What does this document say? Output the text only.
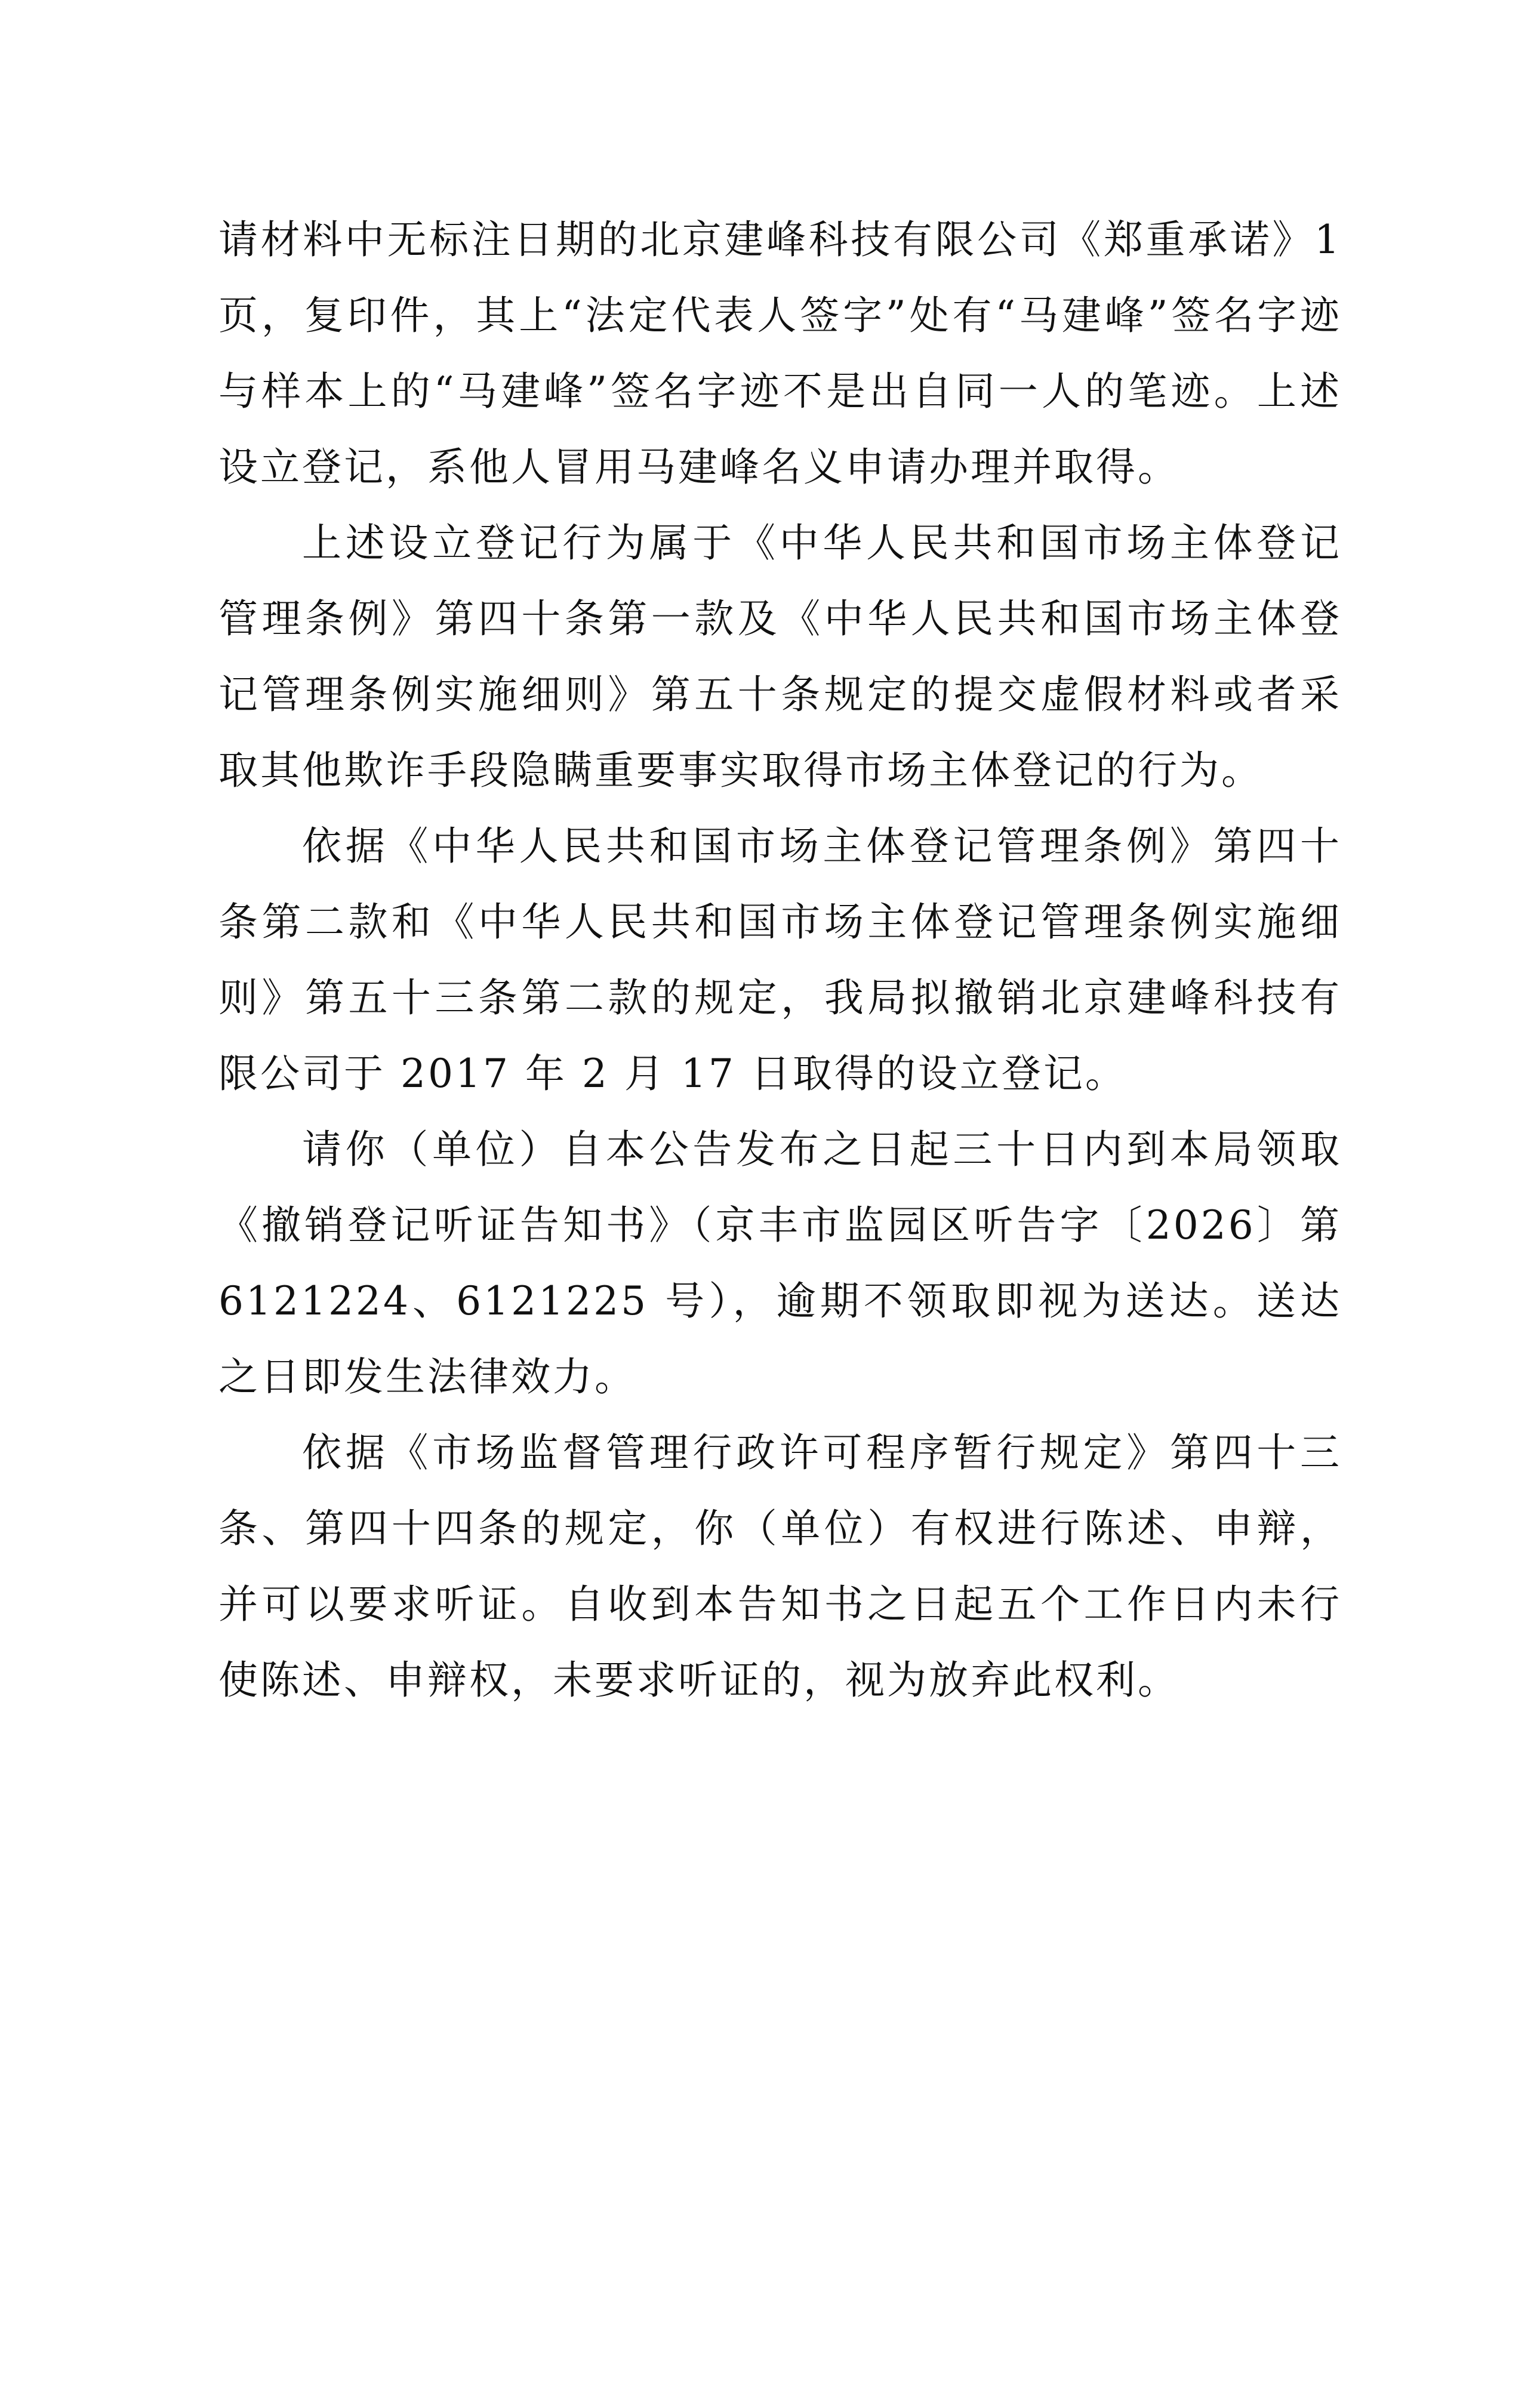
请材料中无标注日期的北京建峰科技有限公司《郑重承诺》1页，复印件，其上“法定代表人签字”处有“马建峰”签名字迹与样本上的“马建峰”签名字迹不是出自同一人的笔迹。上述设立登记，系他人冒用马建峰名义申请办理并取得。

上述设立登记行为属于《中华人民共和国市场主体登记管理条例》第四十条第一款及《中华人民共和国市场主体登记管理条例实施细则》第五十条规定的提交虚假材料或者采取其他欺诈手段隐瞒重要事实取得市场主体登记的行为。

依据《中华人民共和国市场主体登记管理条例》第四十条第二款和《中华人民共和国市场主体登记管理条例实施细则》第五十三条第二款的规定，我局拟撤销北京建峰科技有限公司于 2017 年 2 月 17 日取得的设立登记。

请你（单位）自本公告发布之日起三十日内到本局领取《撤销登记听证告知书》（京丰市监园区听告字〔2026〕第 6121224、6121225 号），逾期不领取即视为送达。送达之日即发生法律效力。

依据《市场监督管理行政许可程序暂行规定》第四十三条、第四十四条的规定，你（单位）有权进行陈述、申辩，并可以要求听证。自收到本告知书之日起五个工作日内未行使陈述、申辩权，未要求听证的，视为放弃此权利。
